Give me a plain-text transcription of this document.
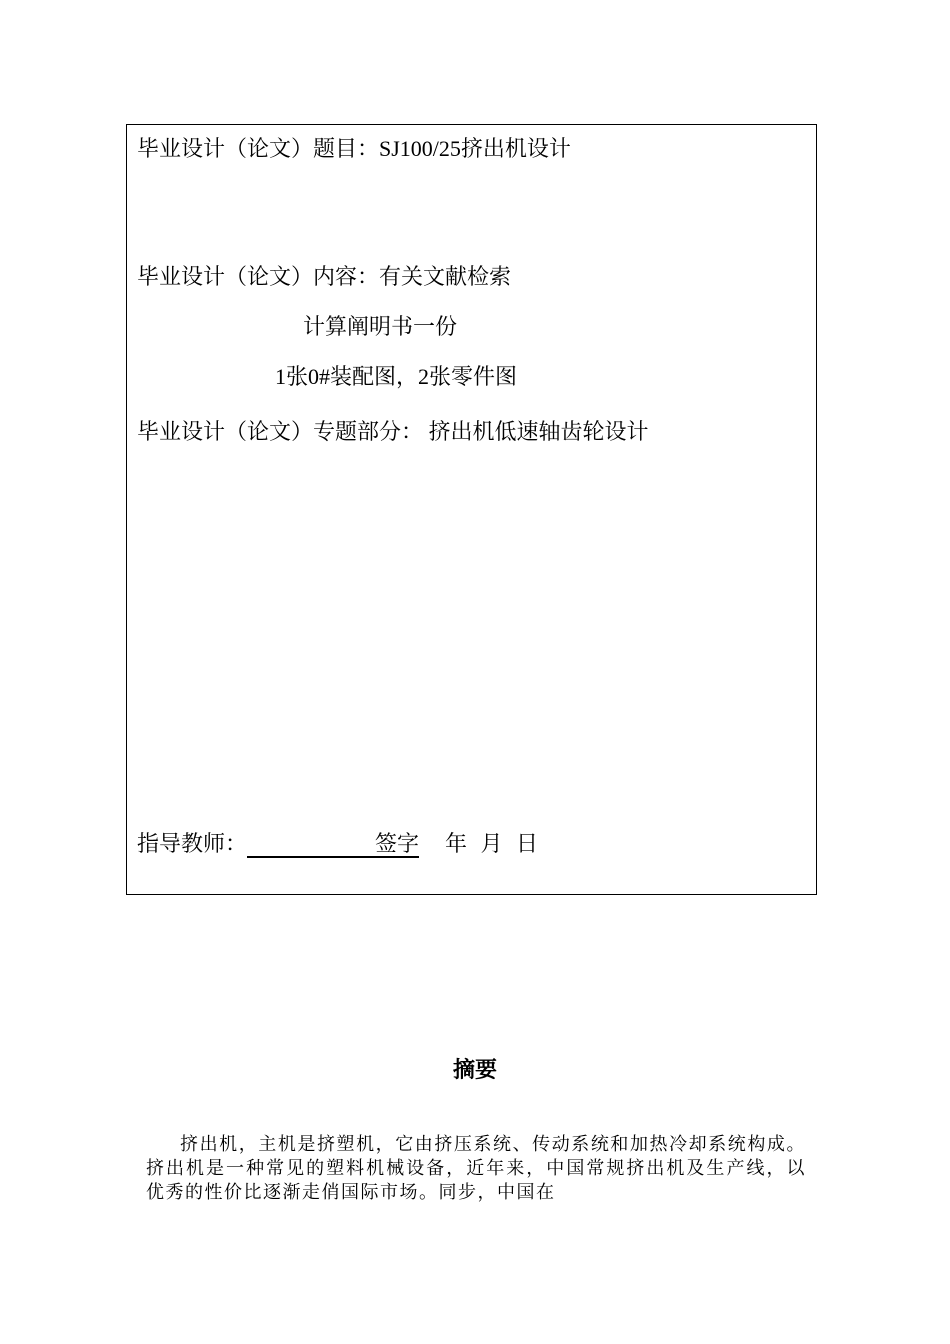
毕业设计（论文）题目：SJ100/25挤出机设计
毕业设计（论文）内容：有关文献检索
计算阐明书一份
1张0#装配图，2张零件图
毕业设计（论文）专题部分： 挤出机低速轴齿轮设计
指导教师：	签字 年 月 日
摘要
挤出机，主机是挤塑机，它由挤压系统、传动系统和加热冷却系统构成。挤出机是一种常见的塑料机械设备，近年来，中国常规挤出机及生产线，以优秀的性价比逐渐走俏国际市场。同步，中国在
